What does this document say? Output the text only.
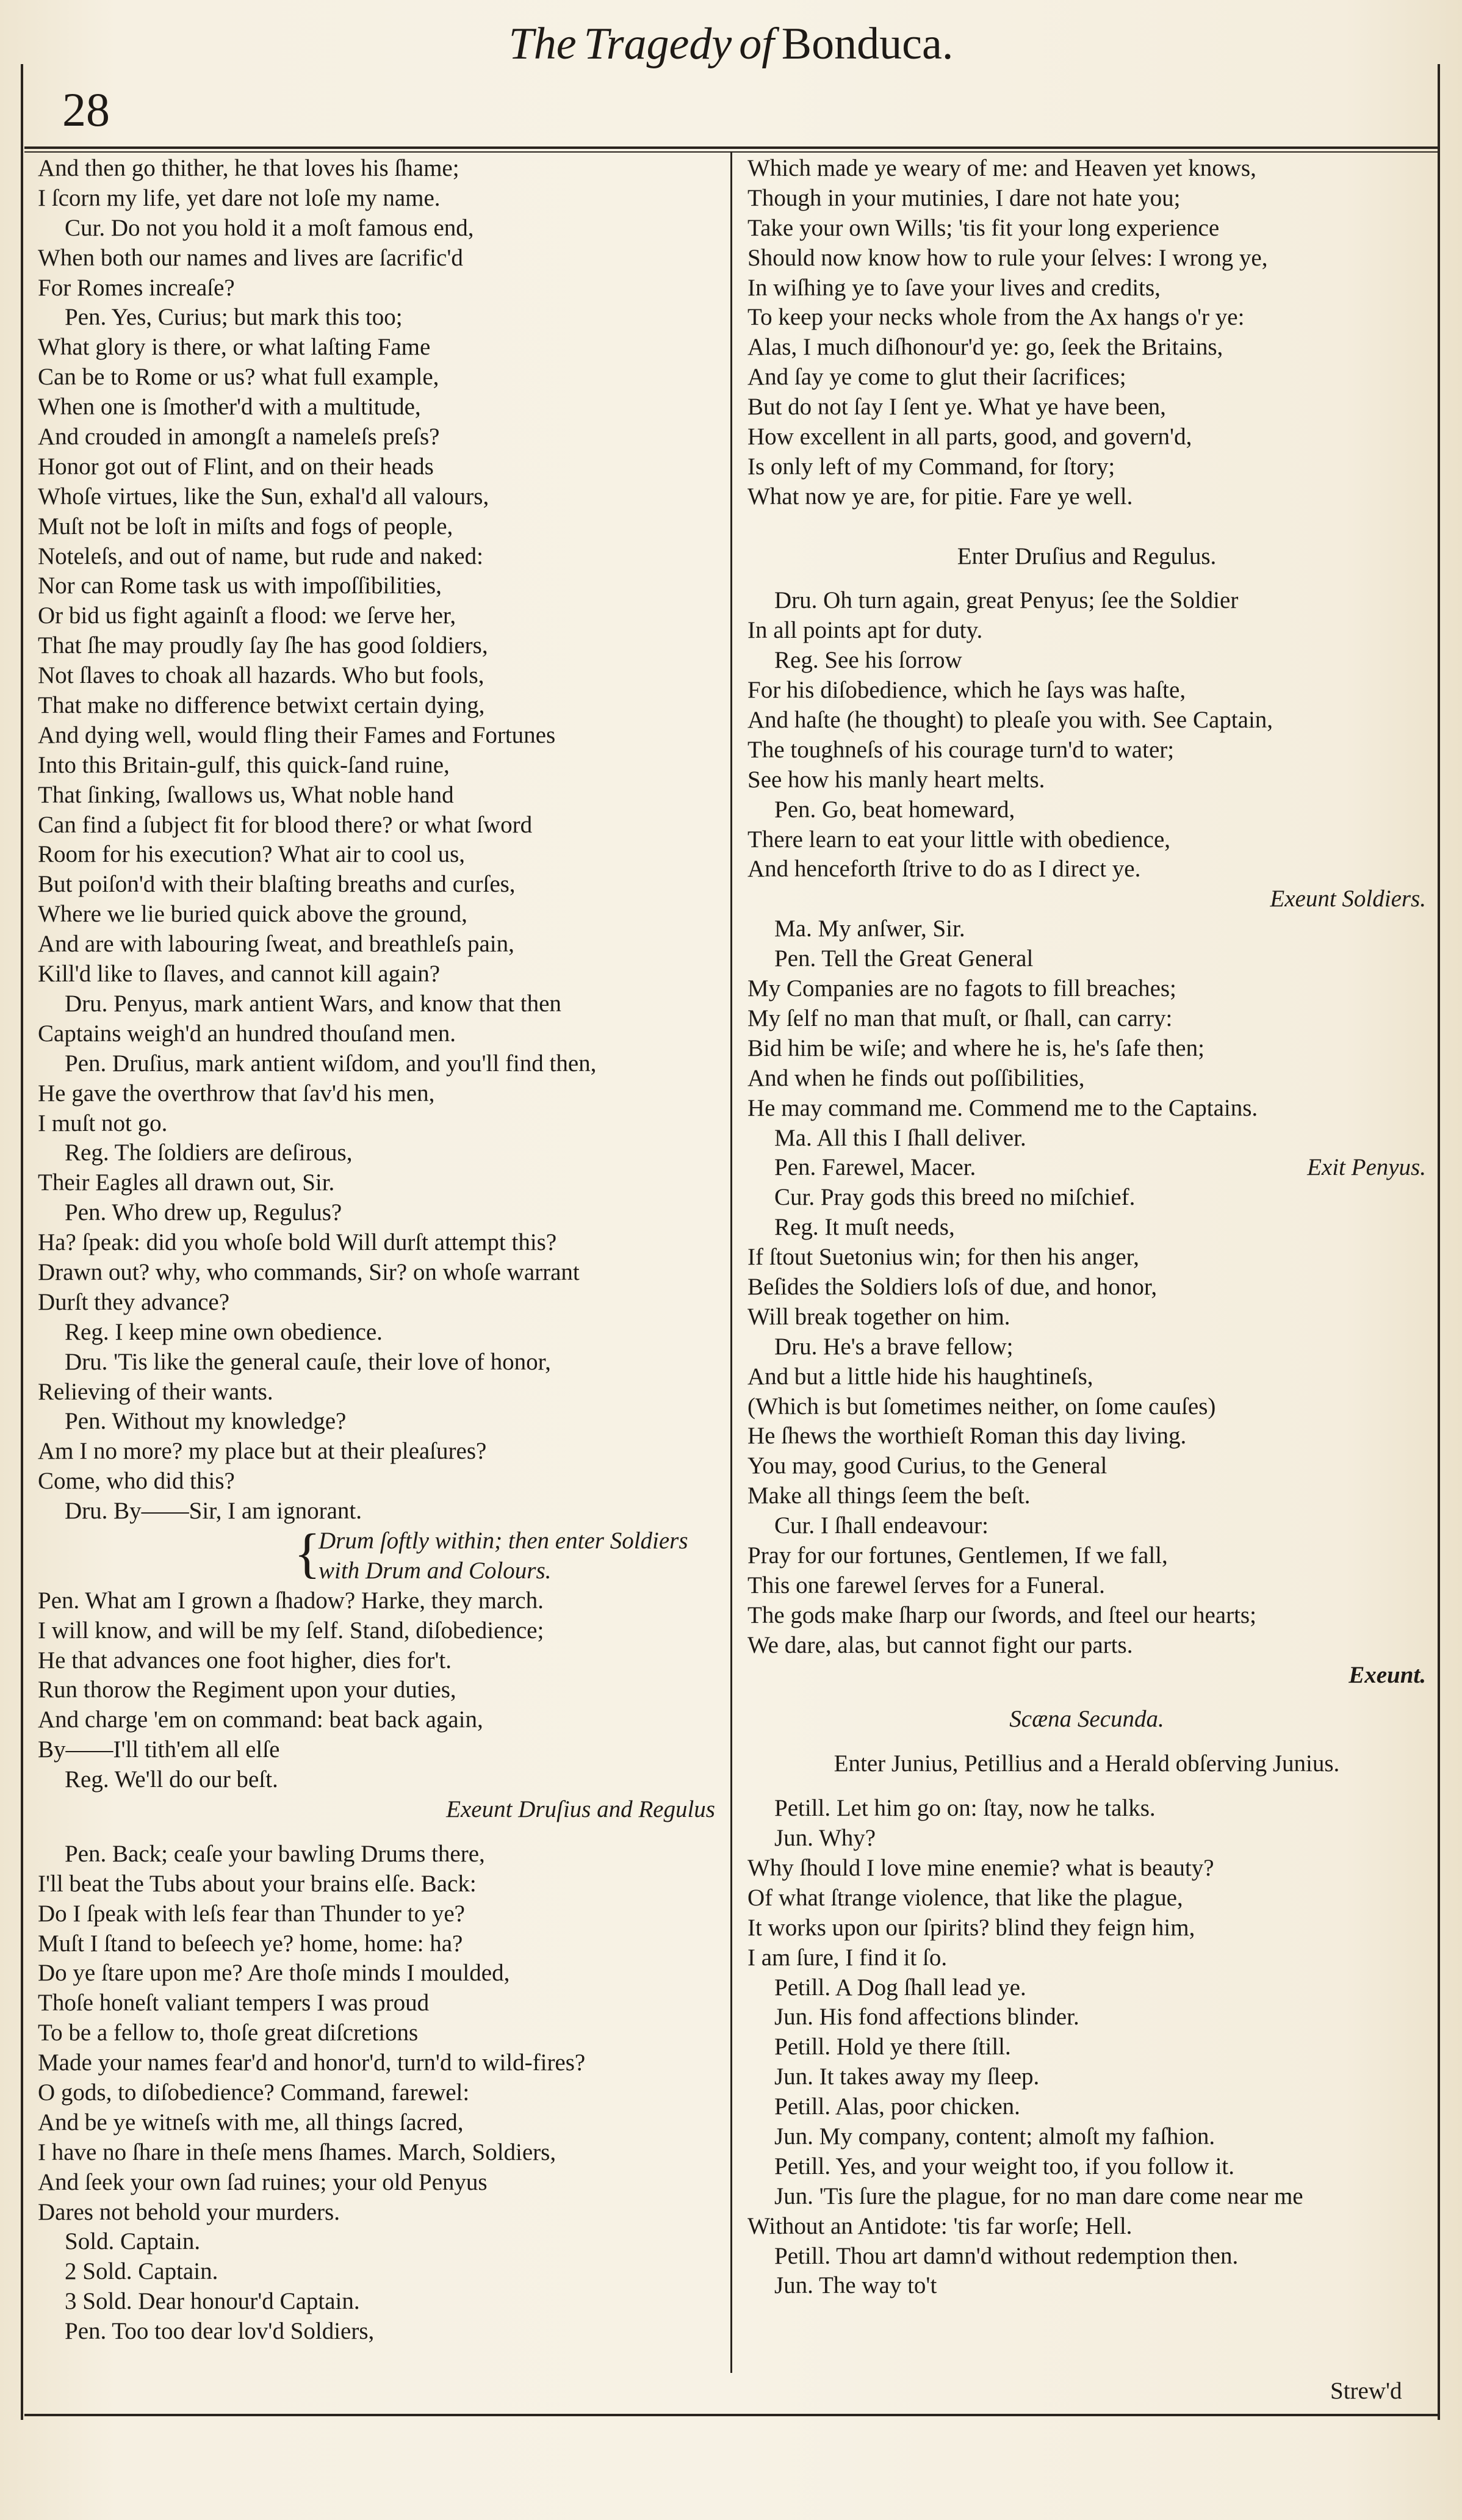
28
The Tragedy of Bonduca.
And then go thither, he that loves his ſhame;
I ſcorn my life, yet dare not loſe my name.
Cur. Do not you hold it a moſt famous end,
When both our names and lives are ſacrific'd
For Romes increaſe?
Pen. Yes, Curius; but mark this too;
What glory is there, or what laſting Fame
Can be to Rome or us? what full example,
When one is ſmother'd with a multitude,
And crouded in amongſt a nameleſs preſs?
Honor got out of Flint, and on their heads
Whoſe virtues, like the Sun, exhal'd all valours,
Muſt not be loſt in miſts and fogs of people,
Noteleſs, and out of name, but rude and naked:
Nor can Rome task us with impoſſibilities,
Or bid us fight againſt a flood: we ſerve her,
That ſhe may proudly ſay ſhe has good ſoldiers,
Not ſlaves to choak all hazards. Who but fools,
That make no difference betwixt certain dying,
And dying well, would fling their Fames and Fortunes
Into this Britain-gulf, this quick-ſand ruine,
That ſinking, ſwallows us, What noble hand
Can find a ſubject fit for blood there? or what ſword
Room for his execution? What air to cool us,
But poiſon'd with their blaſting breaths and curſes,
Where we lie buried quick above the ground,
And are with labouring ſweat, and breathleſs pain,
Kill'd like to ſlaves, and cannot kill again?
Dru. Penyus, mark antient Wars, and know that then
Captains weigh'd an hundred thouſand men.
Pen. Druſius, mark antient wiſdom, and you'll find then,
He gave the overthrow that ſav'd his men,
I muſt not go.
Reg. The ſoldiers are deſirous,
Their Eagles all drawn out, Sir.
Pen. Who drew up, Regulus?
Ha? ſpeak: did you whoſe bold Will durſt attempt this?
Drawn out? why, who commands, Sir? on whoſe warrant
Durſt they advance?
Reg. I keep mine own obedience.
Dru. 'Tis like the general cauſe, their love of honor,
Relieving of their wants.
Pen. Without my knowledge?
Am I no more? my place but at their pleaſures?
Come, who did this?
Dru. By——Sir, I am ignorant.
{
Drum ſoftly within; then enter Soldiers
with Drum and Colours.
Pen. What am I grown a ſhadow? Harke, they march.
I will know, and will be my ſelf. Stand, diſobedience;
He that advances one foot higher, dies for't.
Run thorow the Regiment upon your duties,
And charge 'em on command: beat back again,
By——I'll tith'em all elſe
Reg. We'll do our beſt.
Exeunt Druſius and Regulus
Pen. Back; ceaſe your bawling Drums there,
I'll beat the Tubs about your brains elſe. Back:
Do I ſpeak with leſs fear than Thunder to ye?
Muſt I ſtand to beſeech ye? home, home: ha?
Do ye ſtare upon me? Are thoſe minds I moulded,
Thoſe honeſt valiant tempers I was proud
To be a fellow to, thoſe great diſcretions
Made your names fear'd and honor'd, turn'd to wild-fires?
O gods, to diſobedience? Command, farewel:
And be ye witneſs with me, all things ſacred,
I have no ſhare in theſe mens ſhames. March, Soldiers,
And ſeek your own ſad ruines; your old Penyus
Dares not behold your murders.
Sold. Captain.
2 Sold. Captain.
3 Sold. Dear honour'd Captain.
Pen. Too too dear lov'd Soldiers,
Which made ye weary of me: and Heaven yet knows,
Though in your mutinies, I dare not hate you;
Take your own Wills; 'tis fit your long experience
Should now know how to rule your ſelves: I wrong ye,
In wiſhing ye to ſave your lives and credits,
To keep your necks whole from the Ax hangs o'r ye:
Alas, I much diſhonour'd ye: go, ſeek the Britains,
And ſay ye come to glut their ſacrifices;
But do not ſay I ſent ye. What ye have been,
How excellent in all parts, good, and govern'd,
Is only left of my Command, for ſtory;
What now ye are, for pitie. Fare ye well.
Enter Druſius and Regulus.
Dru. Oh turn again, great Penyus; ſee the Soldier
In all points apt for duty.
Reg. See his ſorrow
For his diſobedience, which he ſays was haſte,
And haſte (he thought) to pleaſe you with. See Captain,
The toughneſs of his courage turn'd to water;
See how his manly heart melts.
Pen. Go, beat homeward,
There learn to eat your little with obedience,
And henceforth ſtrive to do as I direct ye.
Exeunt Soldiers.
Ma. My anſwer, Sir.
Pen. Tell the Great General
My Companies are no fagots to fill breaches;
My ſelf no man that muſt, or ſhall, can carry:
Bid him be wiſe; and where he is, he's ſafe then;
And when he finds out poſſibilities,
He may command me. Commend me to the Captains.
Ma. All this I ſhall deliver.
Pen. Farewel, Macer.	Exit Penyus.
Cur. Pray gods this breed no miſchief.
Reg. It muſt needs,
If ſtout Suetonius win; for then his anger,
Beſides the Soldiers loſs of due, and honor,
Will break together on him.
Dru. He's a brave fellow;
And but a little hide his haughtineſs,
(Which is but ſometimes neither, on ſome cauſes)
He ſhews the worthieſt Roman this day living.
You may, good Curius, to the General
Make all things ſeem the beſt.
Cur. I ſhall endeavour:
Pray for our fortunes, Gentlemen, If we fall,
This one farewel ſerves for a Funeral.
The gods make ſharp our ſwords, and ſteel our hearts;
We dare, alas, but cannot fight our parts.
Exeunt.
Scæna Secunda.
Enter Junius, Petillius and a Herald obſerving Junius.
Petill. Let him go on: ſtay, now he talks.
Jun. Why?
Why ſhould I love mine enemie? what is beauty?
Of what ſtrange violence, that like the plague,
It works upon our ſpirits? blind they feign him,
I am ſure, I find it ſo.
Petill. A Dog ſhall lead ye.
Jun. His fond affections blinder.
Petill. Hold ye there ſtill.
Jun. It takes away my ſleep.
Petill. Alas, poor chicken.
Jun. My company, content; almoſt my faſhion.
Petill. Yes, and your weight too, if you follow it.
Jun. 'Tis ſure the plague, for no man dare come near me
Without an Antidote: 'tis far worſe; Hell.
Petill. Thou art damn'd without redemption then.
Jun. The way to't
Strew'd
